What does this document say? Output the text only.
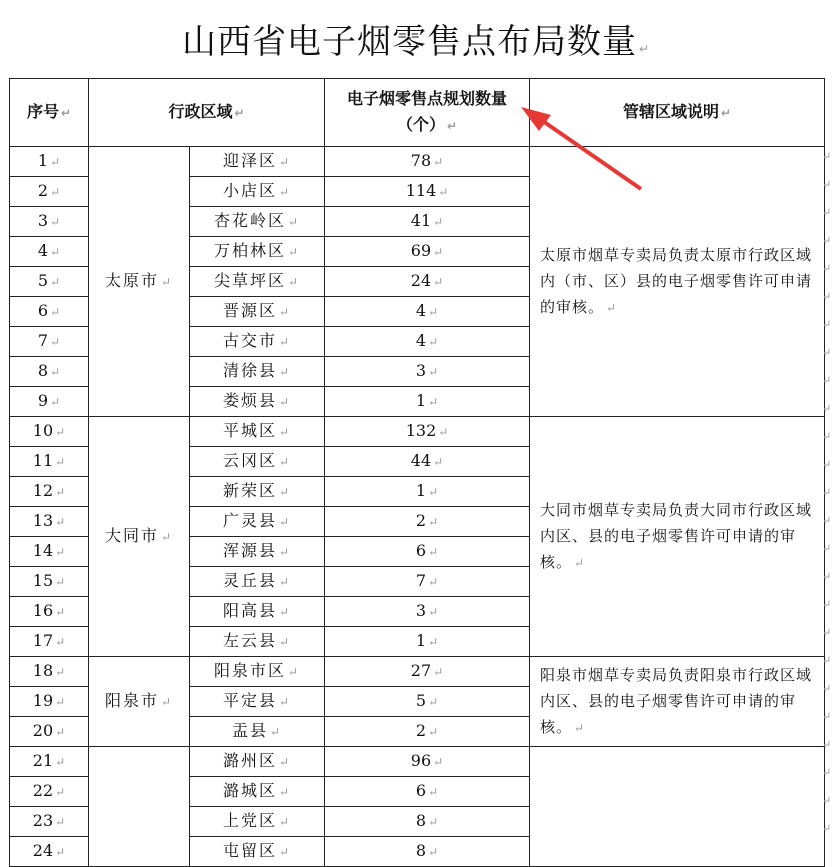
山西省电子烟零售点布局数量 ↵
序号 ↵	行政区域 ↵		电子烟零售点规划数量（个） ↵	管辖区域说明 ↵
1 ↵	太原市 ↵	迎泽区 ↵	78 ↵	太原市烟草专卖局负责太原市行政区域内（市、区）县的电子烟零售许可申请的审核。 ↵
2 ↵		小店区 ↵	114 ↵	
3 ↵		杏花岭区 ↵	41 ↵	
4 ↵		万柏林区 ↵	69 ↵	
5 ↵		尖草坪区 ↵	24 ↵	
6 ↵		晋源区 ↵	4 ↵	
7 ↵		古交市 ↵	4 ↵	
8 ↵		清徐县 ↵	3 ↵	
9 ↵		娄烦县 ↵	1 ↵	
10 ↵	大同市 ↵	平城区 ↵	132 ↵	大同市烟草专卖局负责大同市行政区域内区、县的电子烟零售许可申请的审核。 ↵
11 ↵		云冈区 ↵	44 ↵	
12 ↵		新荣区 ↵	1 ↵	
13 ↵		广灵县 ↵	2 ↵	
14 ↵		浑源县 ↵	6 ↵	
15 ↵		灵丘县 ↵	7 ↵	
16 ↵		阳高县 ↵	3 ↵	
17 ↵		左云县 ↵	1 ↵	
18 ↵	阳泉市 ↵	阳泉市区 ↵	27 ↵	阳泉市烟草专卖局负责阳泉市行政区域内区、县的电子烟零售许可申请的审核。 ↵
19 ↵		平定县 ↵	5 ↵	
20 ↵		盂县 ↵	2 ↵	
21 ↵		潞州区 ↵	96 ↵	
22 ↵		潞城区 ↵	6 ↵	
23 ↵		上党区 ↵	8 ↵	
24 ↵		屯留区 ↵	8 ↵	
↵
↵
↵
↵
↵
↵
↵
↵
↵
↵
↵
↵
↵
↵
↵
↵
↵
↵
↵
↵
↵
↵
↵
↵
↵
